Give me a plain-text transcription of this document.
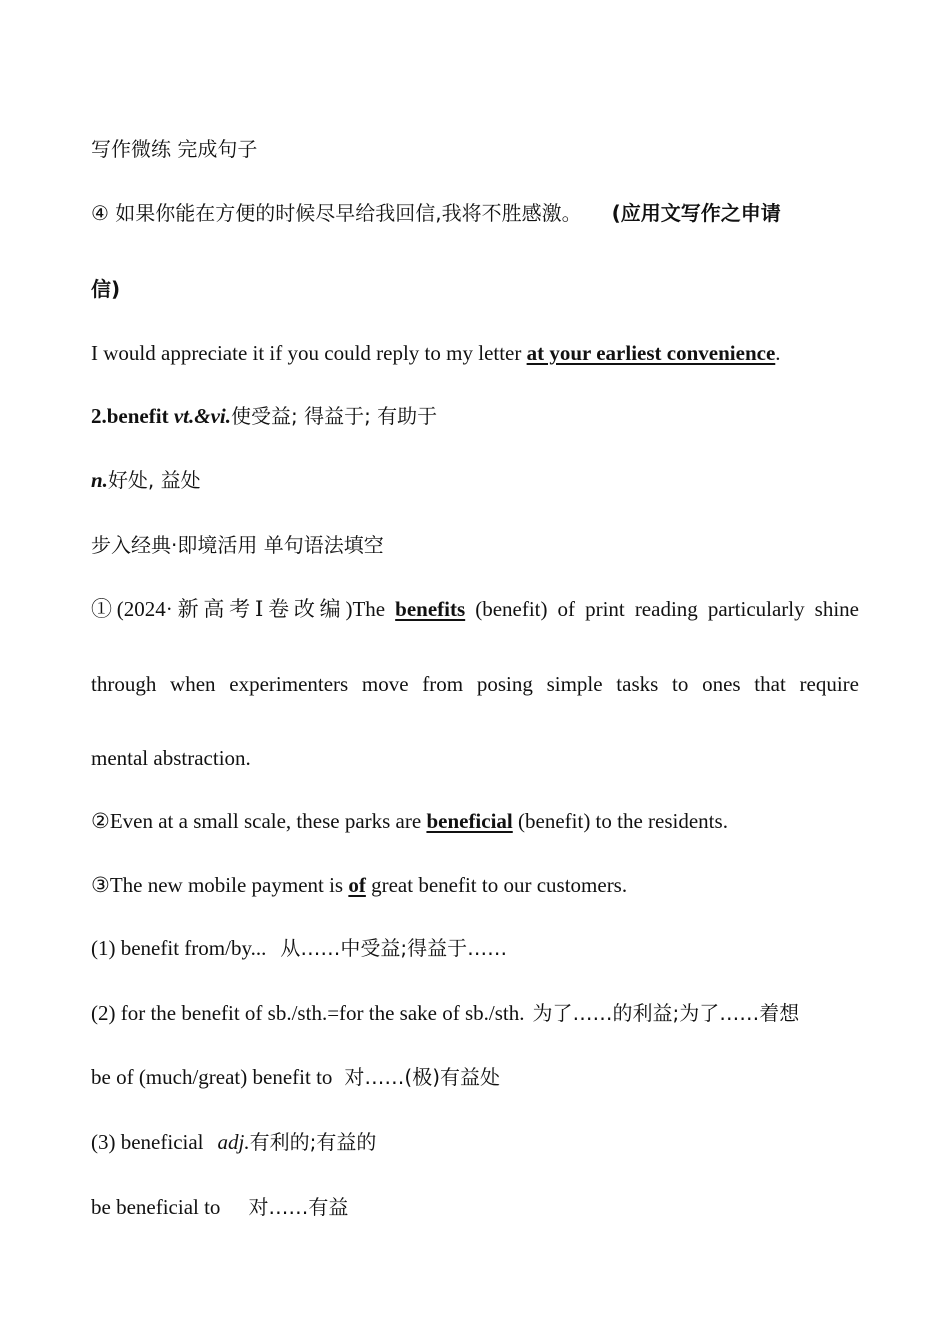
写作微练 完成句子
④ 如果你能在方便的时候尽早给我回信,我将不胜感激。 (应用文写作之申请
信)
I would appreciate it if you could reply to my letter at your earliest convenience.
2.benefit vt.&vi.使受益; 得益于; 有助于
n.好处, 益处
步入经典·即境活用 单句语法填空
①(2024·新高考Ⅰ卷改编)The benefits (benefit) of print reading particularly shine
through when experimenters move from posing simple tasks to ones that require
mental abstraction.
②Even at a small scale, these parks are beneficial (benefit) to the residents.
③The new mobile payment is of great benefit to our customers.
(1) benefit from/by... 从……中受益;得益于……
(2) for the benefit of sb./sth.=for the sake of sb./sth. 为了……的利益;为了……着想
be of (much/great) benefit to 对……(极)有益处
(3) beneficial adj.有利的;有益的
be beneficial to 对……有益
